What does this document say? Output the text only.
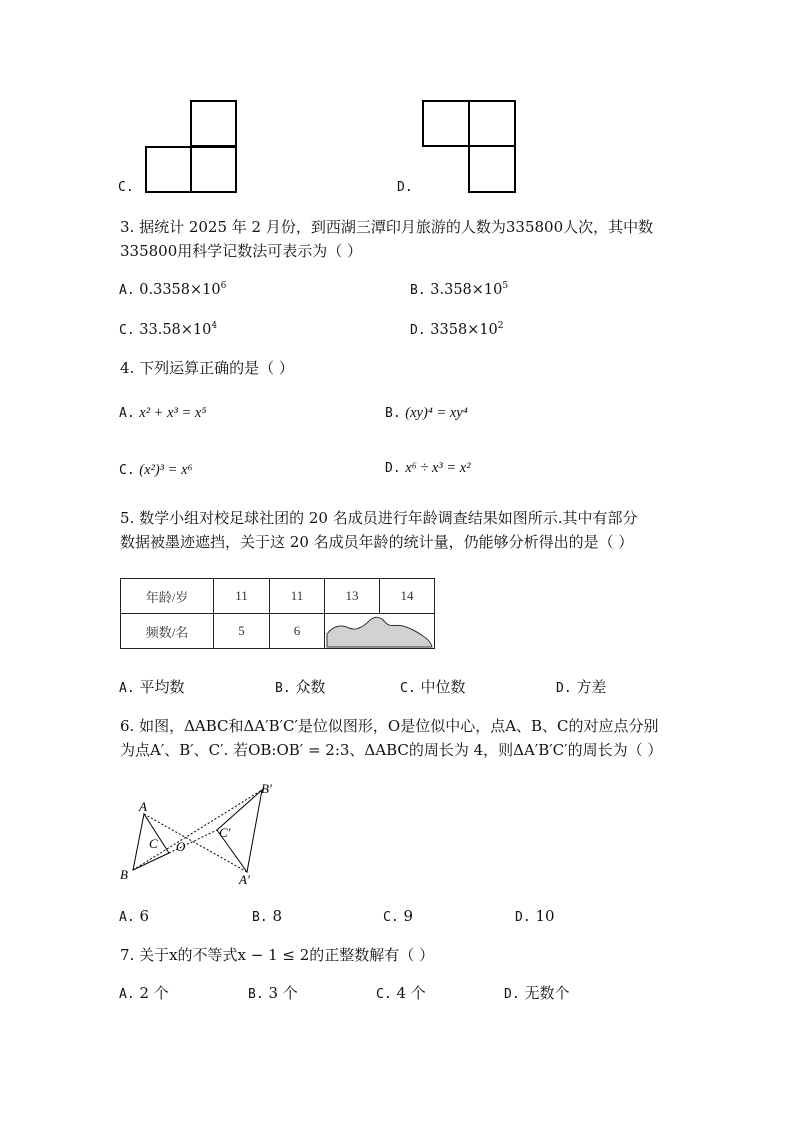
C.	D.
3. 据统计 2025 年 2 月份，到西湖三潭印月旅游的人数为335800人次，其中数
335800用科学记数法可表示为（ ）
A. $0.3358\times 10^6$	B. $3.358\times 10^5$
C. $33.58\times 10^4$	D. $3358\times 10^2$
4. 下列运算正确的是（ ）
A. x² + x³ = x⁵	B. (xy)⁴ = xy⁴
C. (x²)³ = x⁶	D. x⁶ ÷ x³ = x²
5. 数学小组对校足球社团的 20 名成员进行年龄调查结果如图所示.其中有部分
数据被墨迹遮挡，关于这 20 名成员年龄的统计量，仍能够分析得出的是（ ）
年龄/岁	11	11	13	14
频数/名	5	6	
A. 平均数	B. 众数	C. 中位数	D. 方差
6. 如图，ΔABC和ΔA′B′C′是位似图形，O是位似中心，点A、B、C的对应点分别
为点A′、B′、C′. 若OB:OB′ = 2:3、ΔABC的周长为 4，则ΔA′B′C′的周长为（ ）
A
B
C O
A′
B′
C′
A. 6	B. 8	C. 9	D. 10
7. 关于x的不等式x − 1 ≤ 2的正整数解有（ ）
A. 2 个	B. 3 个	C. 4 个	D. 无数个
